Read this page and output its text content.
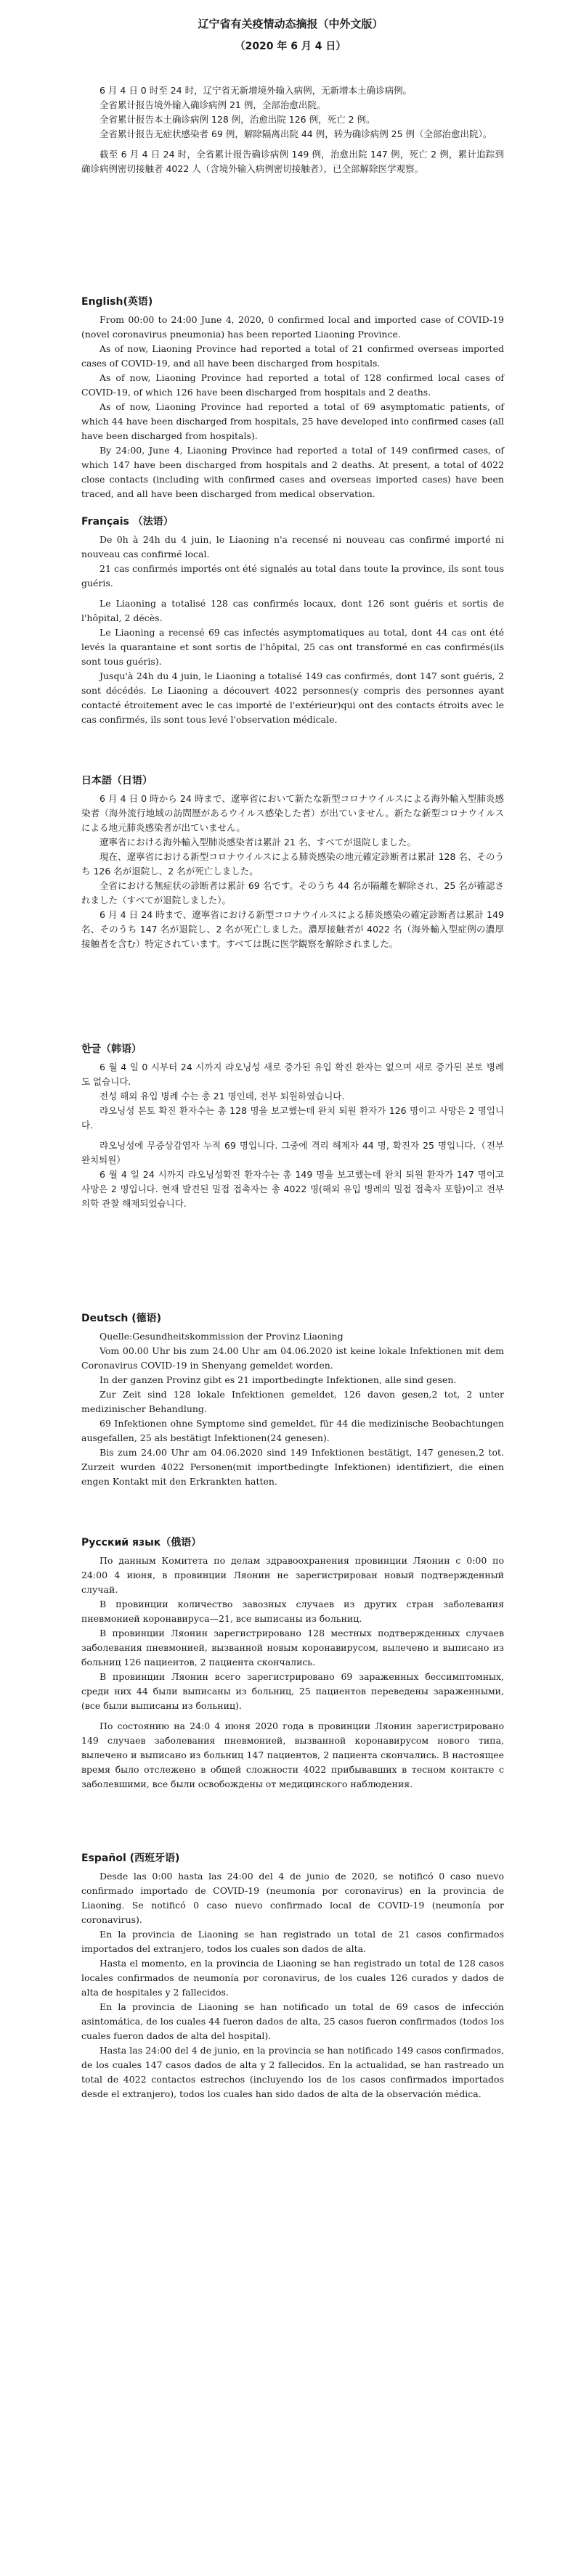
辽宁省有关疫情动态摘报（中外文版）
（2020 年 6 月 4 日）

6 月 4 日 0 时至 24 时，辽宁省无新增境外输入病例，无新增本土确诊病例。

全省累计报告境外输入确诊病例 21 例，全部治愈出院。

全省累计报告本土确诊病例 128 例，治愈出院 126 例，死亡 2 例。

全省累计报告无症状感染者 69 例，解除隔离出院 44 例，转为确诊病例 25 例（全部治愈出院）。

截至 6 月 4 日 24 时，全省累计报告确诊病例 149 例，治愈出院 147 例，死亡 2 例，累计追踪到确诊病例密切接触者 4022 人（含境外输入病例密切接触者），已全部解除医学观察。

English(英语)

From 00:00 to 24:00 June 4, 2020, 0 confirmed local and imported case of COVID-19 (novel coronavirus pneumonia) has been reported Liaoning Province.

As of now, Liaoning Province had reported a total of 21 confirmed overseas imported cases of COVID-19, and all have been discharged from hospitals.

As of now, Liaoning Province had reported a total of 128 confirmed local cases of COVID-19, of which 126 have been discharged from hospitals and 2 deaths.

As of now, Liaoning Province had reported a total of 69 asymptomatic patients, of which 44 have been discharged from hospitals, 25 have developed into confirmed cases (all have been discharged from hospitals).

By 24:00, June 4, Liaoning Province had reported a total of 149 confirmed cases, of which 147 have been discharged from hospitals and 2 deaths. At present, a total of 4022 close contacts (including with confirmed cases and overseas imported cases) have been traced, and all have been discharged from medical observation.

Français （法语）

De 0h à 24h du 4 juin, le Liaoning n'a recensé ni nouveau cas confirmé importé ni nouveau cas confirmé local.

21 cas confirmés importés ont été signalés au total dans toute la province, ils sont tous guéris.

Le Liaoning a totalisé 128 cas confirmés locaux, dont 126 sont guéris et sortis de l'hôpital, 2 décès.

Le Liaoning a recensé 69 cas infectés asymptomatiques au total, dont 44 cas ont été levés la quarantaine et sont sortis de l'hôpital, 25 cas ont transformé en cas confirmés(ils sont tous guéris).

Jusqu'à 24h du 4 juin, le Liaoning a totalisé 149 cas confirmés, dont 147 sont guéris, 2 sont décédés. Le Liaoning a découvert 4022 personnes(y compris des personnes ayant contacté étroitement avec le cas importé de l'extérieur)qui ont des contacts étroits avec le cas confirmés, ils sont tous levé l'observation médicale.

日本語（日语）

6 月 4 日 0 時から 24 時まで、遼寧省において新たな新型コロナウイルスによる海外輸入型肺炎感染者（海外流行地域の訪問歴があるウイルス感染した者）が出ていません。新たな新型コロナウイルスによる地元肺炎感染者が出ていません。

遼寧省における海外輸入型肺炎感染者は累計 21 名、すべてが退院しました。

現在、遼寧省における新型コロナウイルスによる肺炎感染の地元確定診断者は累計 128 名、そのうち 126 名が退院し、2 名が死亡しました。

全省における無症状の診断者は累計 69 名です。そのうち 44 名が隔離を解除され、25 名が確認されました（すべてが退院しました）。

6 月 4 日 24 時まで、遼寧省における新型コロナウイルスによる肺炎感染の確定診断者は累計 149 名、そのうち 147 名が退院し、2 名が死亡しました。濃厚接触者が 4022 名（海外輸入型症例の濃厚接触者を含む）特定されています。すべては既に医学観察を解除されました。

한글（韩语）

6 월 4 일 0 시부터 24 시까지 랴오닝성 새로 증가된 유입 확진 환자는 없으며 새로 증가된 본토 병례도 없습니다.

전성 해외 유입 병례 수는 총 21 명인데, 전부 퇴원하였습니다.

랴오닝성 본토 확진 환자수는 총 128 명을 보고했는데 완치 퇴원 환자가 126 명이고 사망은 2 명입니다.

랴오닝성에 무증상감염자 누적 69 명입니다. 그중에 격리 해제자 44 명, 확진자 25 명입니다.（전부 완치퇴원）

6 월 4 일 24 시까지 랴오닝성확진 환자수는 총 149 명을 보고했는데 완치 퇴원 환자가 147 명이고 사망은 2 명입니다. 현재 발견된 밀접 접촉자는 총 4022 명(해외 유입 병례의 밀접 접촉자 포함)이고 전부 의학 관찰 해제되었습니다.

Deutsch (德语)

Quelle:Gesundheitskommission der Provinz Liaoning

Vom 00.00 Uhr bis zum 24.00 Uhr am 04.06.2020 ist keine lokale Infektionen mit dem Coronavirus COVID-19 in Shenyang gemeldet worden.

In der ganzen Provinz gibt es 21 importbedingte Infektionen, alle sind gesen.

Zur Zeit sind 128 lokale Infektionen gemeldet, 126 davon gesen,2 tot, 2 unter medizinischer Behandlung.

69 Infektionen ohne Symptome sind gemeldet, für 44 die medizinische Beobachtungen ausgefallen, 25 als bestätigt Infektionen(24 genesen).

Bis zum 24.00 Uhr am 04.06.2020 sind 149 Infektionen bestätigt, 147 genesen,2 tot. Zurzeit wurden 4022 Personen(mit importbedingte Infektionen) identifiziert, die einen engen Kontakt mit den Erkrankten hatten.

Русский язык（俄语）

По данным Комитета по делам здравоохранения провинции Ляонин с 0:00 по 24:00 4 июня, в провинции Ляонин не зарегистрирован новый подтвержденный случай.

В провинции количество завозных случаев из других стран заболевания пневмонией коронавируса—21, все выписаны из больниц.

В провинции Ляонин зарегистрировано 128 местных подтвержденных случаев заболевания пневмонией, вызванной новым коронавирусом, вылечено и выписано из больниц 126 пациентов, 2 пациента скончались.

В провинции Ляонин всего зарегистрировано 69 зараженных бессимптомных, среди них 44 были выписаны из больниц, 25 пациентов переведены зараженными, (все были выписаны из больниц).

По состоянию на 24:0 4 июня 2020 года в провинции Ляонин зарегистрировано 149 случаев заболевания пневмонией, вызванной коронавирусом нового типа, вылечено и выписано из больниц 147 пациентов, 2 пациента скончались. В настоящее время было отслежено в общей сложности 4022 прибывавших в тесном контакте с заболевшими, все были освобождены от медицинского наблюдения.

Español (西班牙语)

Desde las 0:00 hasta las 24:00 del 4 de junio de 2020, se notificó 0 caso nuevo confirmado importado de COVID-19 (neumonía por coronavirus) en la provincia de Liaoning. Se notificó 0 caso nuevo confirmado local de COVID-19 (neumonía por coronavirus).

En la provincia de Liaoning se han registrado un total de 21 casos confirmados importados del extranjero, todos los cuales son dados de alta.

Hasta el momento, en la provincia de Liaoning se han registrado un total de 128 casos locales confirmados de neumonía por coronavirus, de los cuales 126 curados y dados de alta de hospitales y 2 fallecidos.

En la provincia de Liaoning se han notificado un total de 69 casos de infección asintomática, de los cuales 44 fueron dados de alta, 25 casos fueron confirmados (todos los cuales fueron dados de alta del hospital).

Hasta las 24:00 del 4 de junio, en la provincia se han notificado 149 casos confirmados, de los cuales 147 casos dados de alta y 2 fallecidos. En la actualidad, se han rastreado un total de 4022 contactos estrechos (incluyendo los de los casos confirmados importados desde el extranjero), todos los cuales han sido dados de alta de la observación médica.
